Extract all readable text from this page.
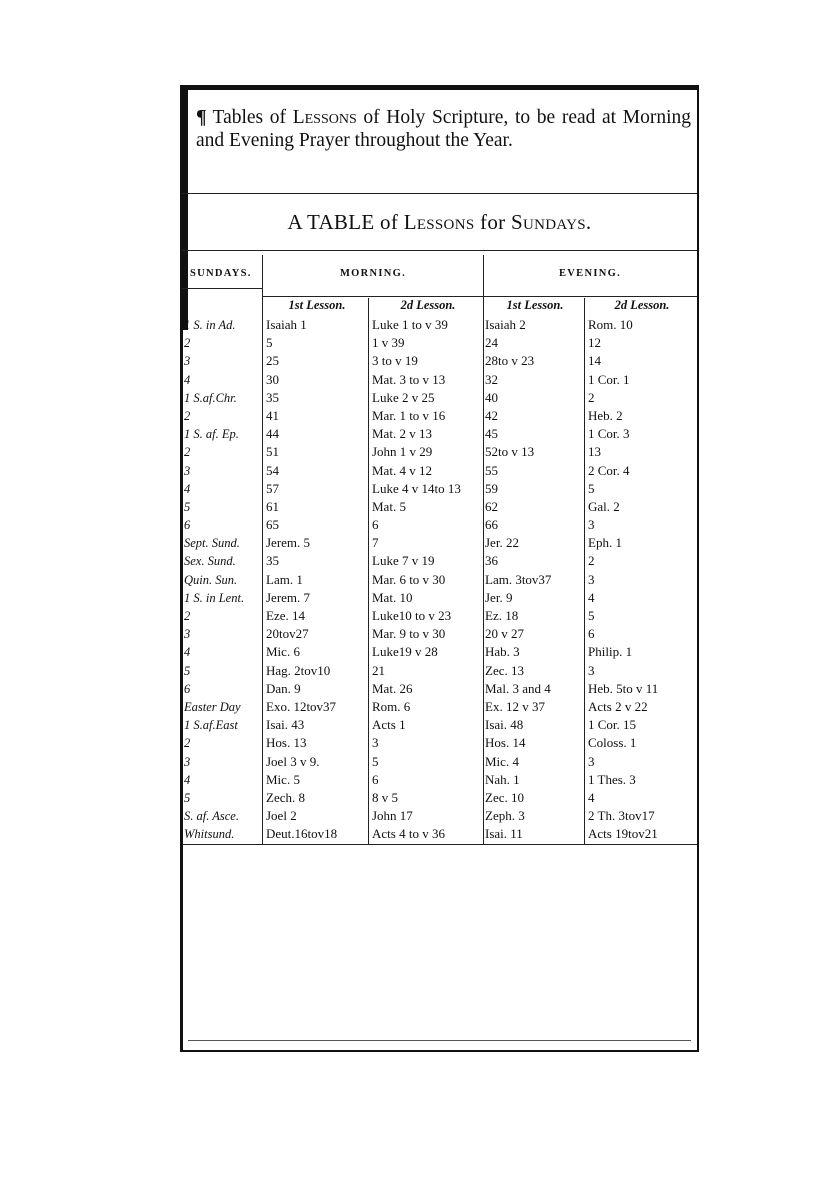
¶ Tables of Lessons of Holy Scripture, to be read at Morning and Evening Prayer throughout the Year.
A TABLE of Lessons for Sundays.
SUNDAYS.	MORNING.	EVENING.
1st Lesson.	2d Lesson.	1st Lesson.	2d Lesson.
1 S. in Ad.	Isaiah 1	Luke 1 to v 39	Isaiah 2	Rom. 10
2	5	1 v 39	24	12
3	25	3 to v 19	28to v 23	14
4	30	Mat. 3 to v 13	32	1 Cor. 1
1 S.af.Chr.	35	Luke 2 v 25	40	2
2	41	Mar. 1 to v 16	42	Heb. 2
1 S. af. Ep.	44	Mat. 2 v 13	45	1 Cor. 3
2	51	John 1 v 29	52to v 13	13
3	54	Mat. 4 v 12	55	2 Cor. 4
4	57	Luke 4 v 14to 13	59	5
5	61	Mat. 5	62	Gal. 2
6	65	6	66	3
Sept. Sund.	Jerem. 5	7	Jer. 22	Eph. 1
Sex. Sund.	35	Luke 7 v 19	36	2
Quin. Sun.	Lam. 1	Mar. 6 to v 30	Lam. 3tov37	3
1 S. in Lent.	Jerem. 7	Mat. 10	Jer. 9	4
2	Eze. 14	Luke10 to v 23	Ez. 18	5
3	20tov27	Mar. 9 to v 30	20 v 27	6
4	Mic. 6	Luke19 v 28	Hab. 3	Philip. 1
5	Hag. 2tov10	21	Zec. 13	3
6	Dan. 9	Mat. 26	Mal. 3 and 4	Heb. 5to v 11
Easter Day	Exo. 12tov37	Rom. 6	Ex. 12 v 37	Acts 2 v 22
1 S.af.East	Isai. 43	Acts 1	Isai. 48	1 Cor. 15
2	Hos. 13	3	Hos. 14	Coloss. 1
3	Joel 3 v 9.	5	Mic. 4	3
4	Mic. 5	6	Nah. 1	1 Thes. 3
5	Zech. 8	8 v 5	Zec. 10	4
S. af. Asce.	Joel 2	John 17	Zeph. 3	2 Th. 3tov17
Whitsund.	Deut.16tov18	Acts 4 to v 36	Isai. 11	Acts 19tov21
